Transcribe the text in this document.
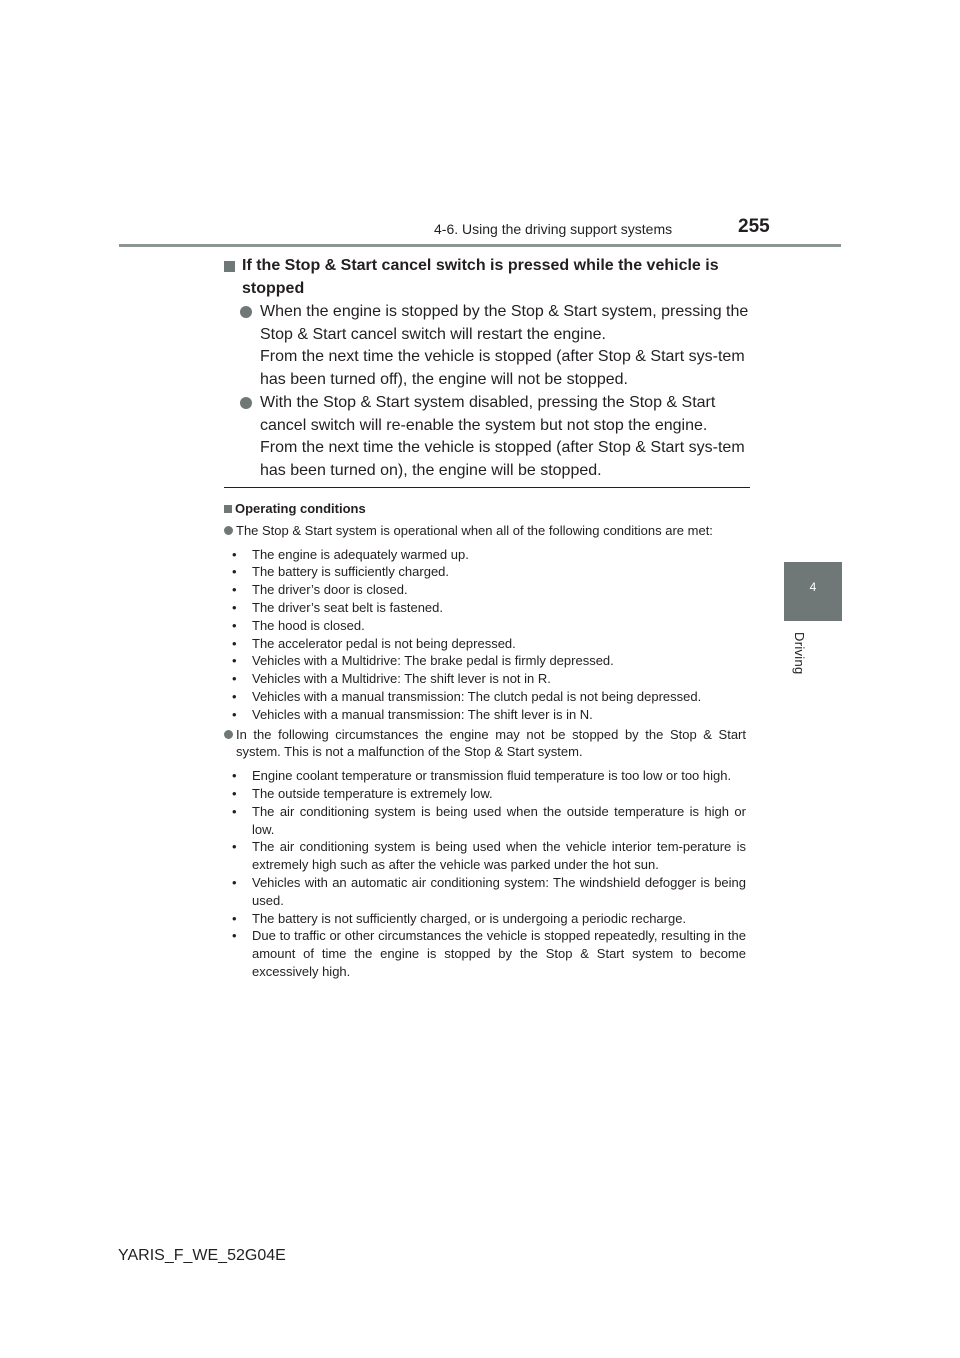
4-6. Using the driving support systems	255
4
Driving
If the Stop & Start cancel switch is pressed while the vehicle is stopped

When the engine is stopped by the Stop & Start system, pressing the Stop & Start cancel switch will restart the engine.

From the next time the vehicle is stopped (after Stop & Start sys-tem has been turned off), the engine will not be stopped.

With the Stop & Start system disabled, pressing the Stop & Start cancel switch will re-enable the system but not stop the engine.

From the next time the vehicle is stopped (after Stop & Start sys-tem has been turned on), the engine will be stopped.

Operating conditions
The Stop & Start system is operational when all of the following conditions are met:
• The engine is adequately warmed up.
• The battery is sufficiently charged.
• The driver’s door is closed.
• The driver’s seat belt is fastened.
• The hood is closed.
• The accelerator pedal is not being depressed.
• Vehicles with a Multidrive: The brake pedal is firmly depressed.
• Vehicles with a Multidrive: The shift lever is not in R.
• Vehicles with a manual transmission: The clutch pedal is not being depressed.
• Vehicles with a manual transmission: The shift lever is in N.
In the following circumstances the engine may not be stopped by the Stop & Start system. This is not a malfunction of the Stop & Start system.
• Engine coolant temperature or transmission fluid temperature is too low or too high.
• The outside temperature is extremely low.
• The air conditioning system is being used when the outside temperature is high or low.
• The air conditioning system is being used when the vehicle interior tem-perature is extremely high such as after the vehicle was parked under the hot sun.
• Vehicles with an automatic air conditioning system: The windshield defogger is being used.
• The battery is not sufficiently charged, or is undergoing a periodic recharge.
• Due to traffic or other circumstances the vehicle is stopped repeatedly, resulting in the amount of time the engine is stopped by the Stop & Start system to become excessively high.
YARIS_F_WE_52G04E
